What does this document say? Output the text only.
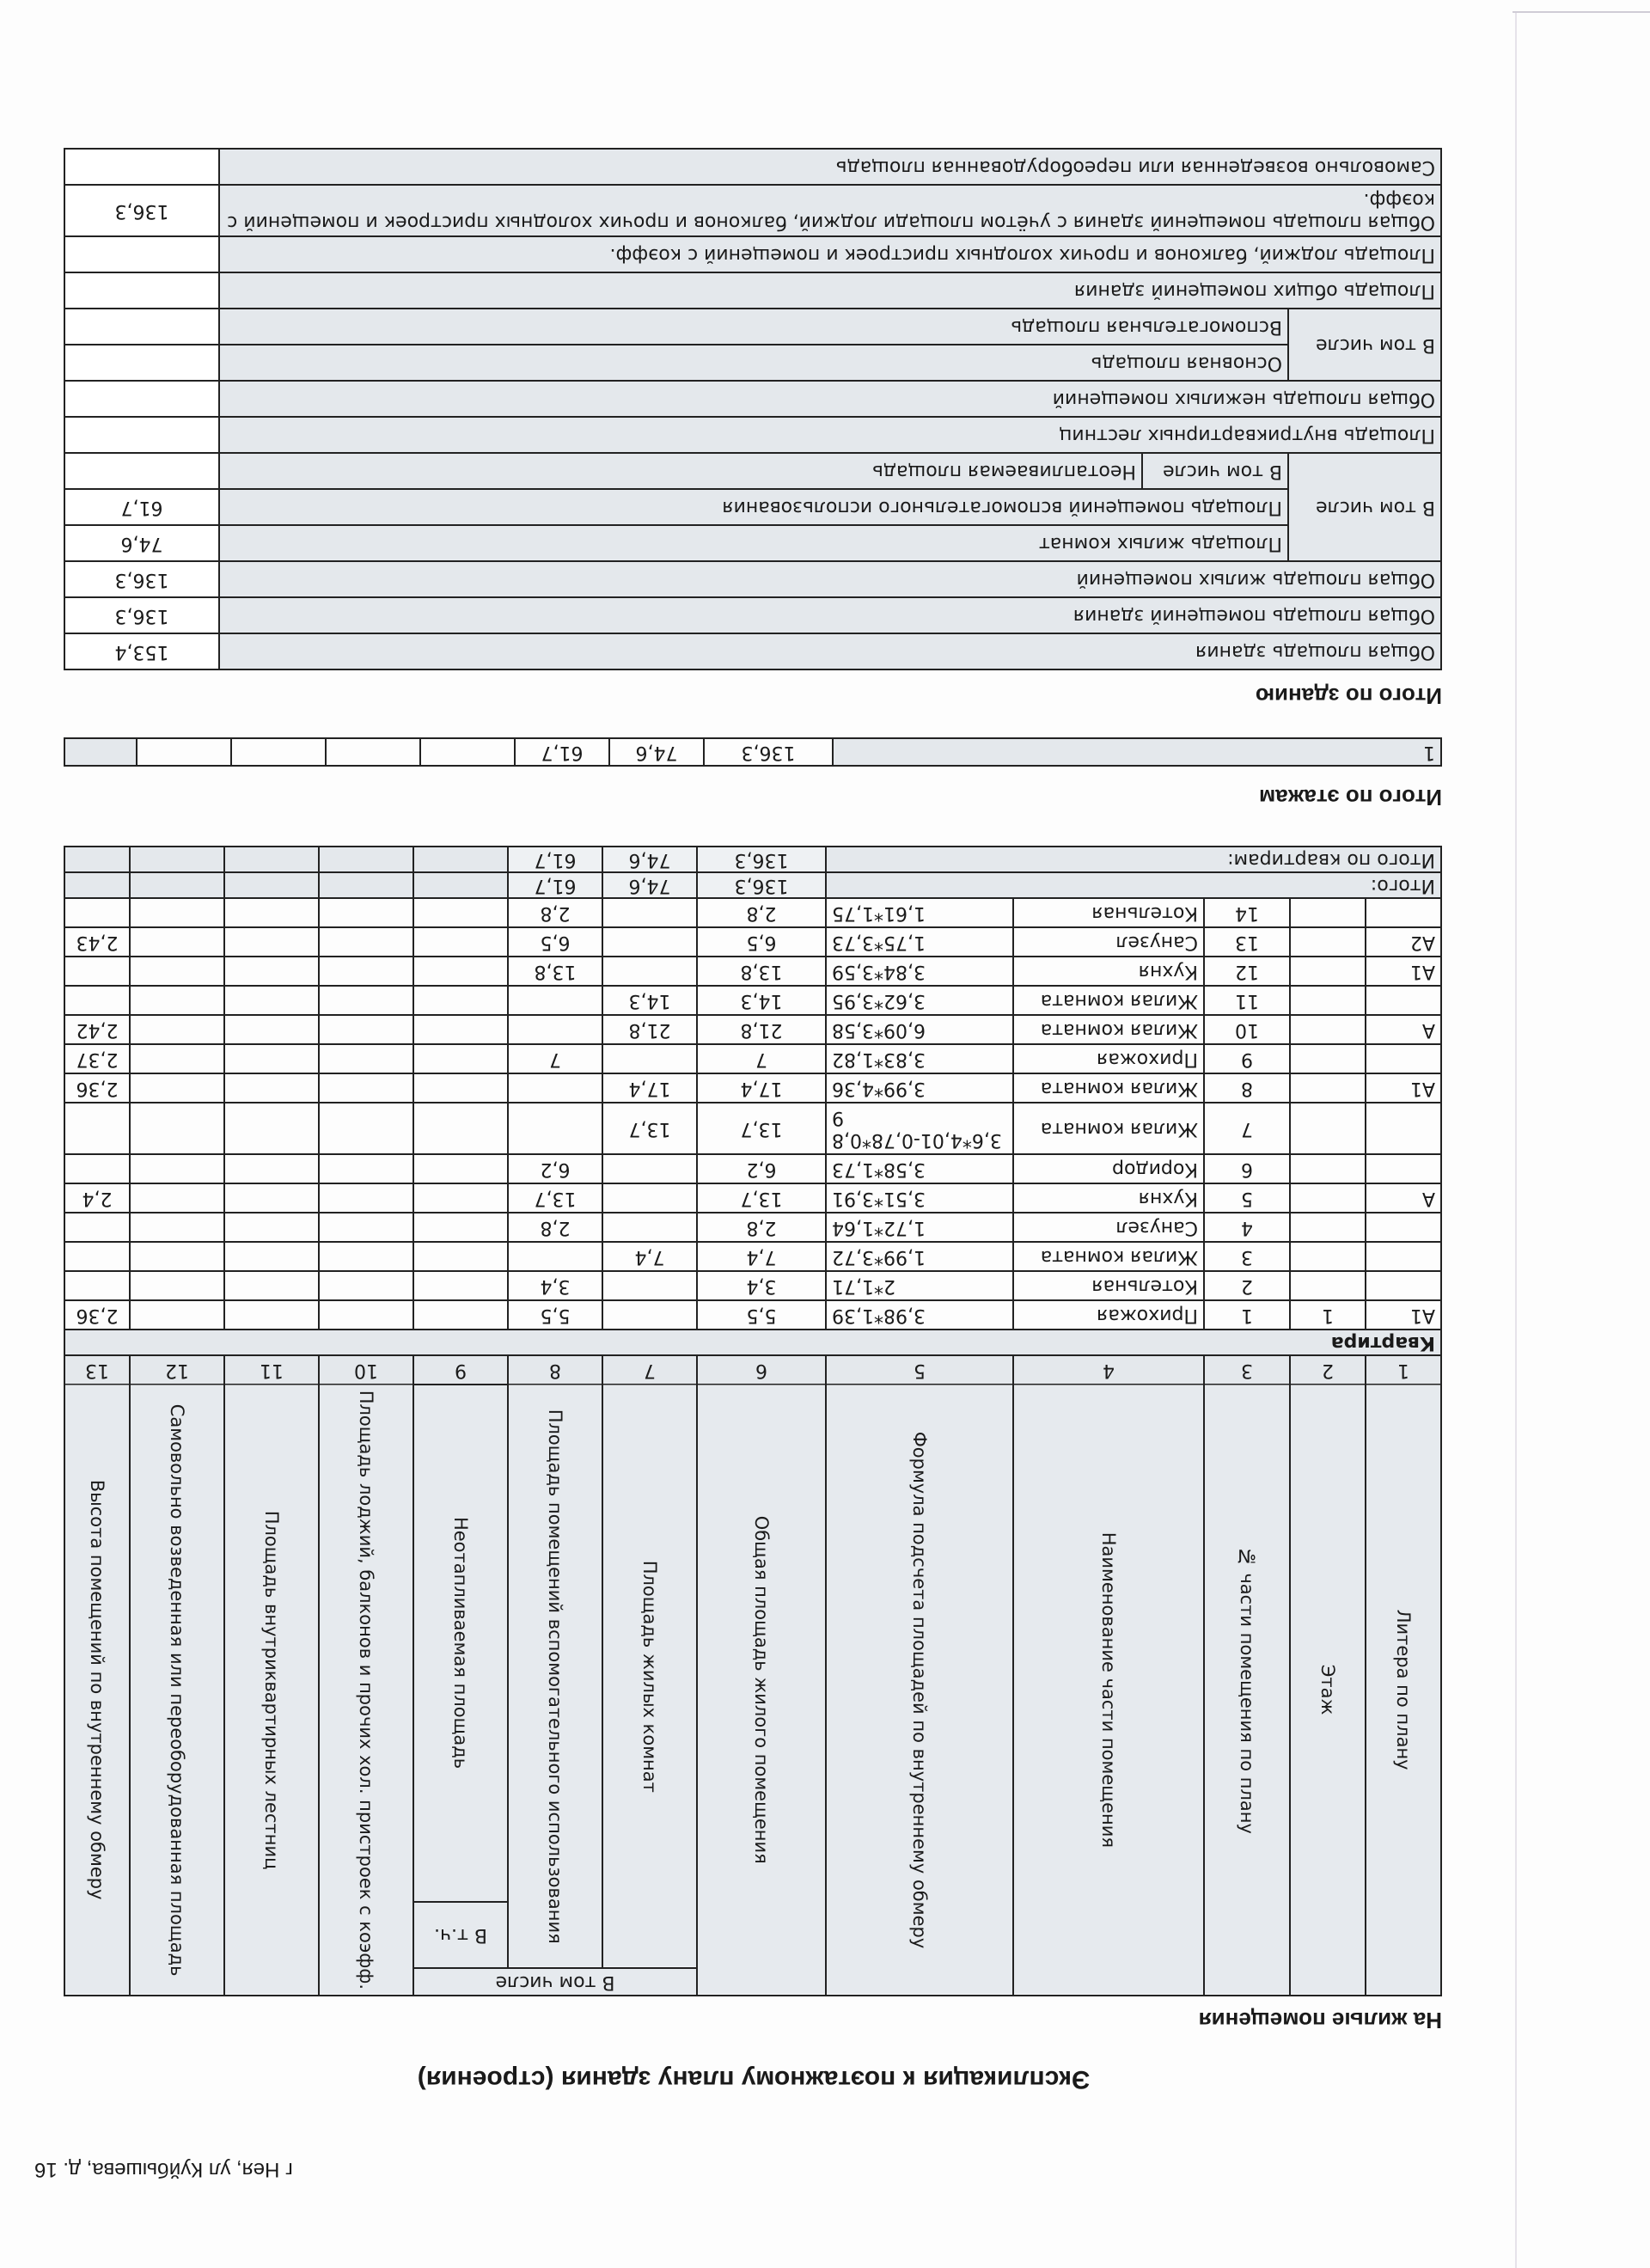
г Нея, ул Куйбышева, д. 16
Экспликация к поэтажному плану здания (строения)
На жилые помещения
Литера по плану	Этаж	№ части помещения по плану	Наименование части помещения	Формула подсчета площадей по внутреннему обмеру	Общая площадь жилого помещения	В том числе			Площадь лоджий, балконов и прочих хол. пристроек с коэфф.	Площадь внутриквартирных лестниц	Самовольно возведенная или переоборудованная площадь	Высота помещений по внутреннему обмеру
						Площадь жилых комнат	Площадь помещений вспомогательного использования	В т.ч.				
								Неотапливаемая площадь				
1	2	3	4	5	6	7	8	9	10	11	12	13
Квартира												
А1	1	1	Прихожая	3,98*1,39	5,5		5,5					2,36
		2	Котельная	2*1,71	3,4		3,4					
		3	Жилая комната	1,99*3,72	7,4	7,4						
		4	Санузел	1,72*1,64	2,8		2,8					
А		5	Кухня	3,51*3,91	13,7		13,7					2,4
		6	Коридор	3,58*1,73	6,2		6,2					
		7	Жилая комната	3,6*4,01-0,78*0,89	13,7	13,7						
А1		8	Жилая комната	3,99*4,36	17,4	17,4						2,36
		9	Прихожая	3,83*1,82	7		7					2,37
А		10	Жилая комната	6,09*3,58	21,8	21,8						2,42
		11	Жилая комната	3,62*3,95	14,3	14,3						
А1		12	Кухня	3,84*3,59	13,8		13,8					
А2		13	Санузел	1,75*3,73	6,5		6,5					2,43
		14	Котельная	1,61*1,75	2,8		2,8					
Итого:					136,3	74,6	61,7					
Итого по квартирам:					136,3	74,6	61,7					
Итого по этажам
1	136,3	74,6	61,7					
Итого по зданию
Общая площадь здания			153,4
Общая площадь помещений здания			136,3
Общая площадь жилых помещений			136,3
В том числе	Площадь жилых комнат		74,6
	Площадь помещений вспомогательного использования		61,7
	В том числе	Неотапливаемая площадь	
Площадь внутриквартирных лестниц			
Общая площадь нежилых помещений			
В том числе	Основная площадь		
	Вспомогательная площадь		
Площадь общих помещений здания			
Площадь лоджий, балконов и прочих холодных пристроек и помещений с коэфф.			
Общая площадь помещений здания с учётом площади лоджий, балконов и прочих холодных пристроек и помещений с коэфф.			136,3
Самовольно возведенная или переоборудованная площадь			
